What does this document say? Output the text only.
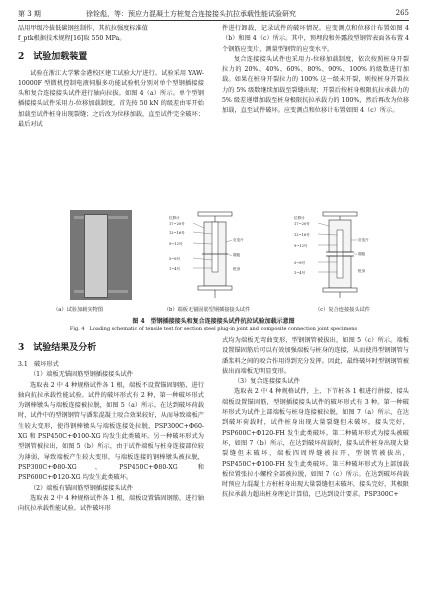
第 3 期	徐铨彪，等：预应力混凝土方桩复合连接接头抗拉承载性能试验研究	265

品用甲级冷拔低碳钢丝制作，其抗拉强度标准值

f_ptk根据技术规程[16]取 550 MPa。

2　试验加载装置

试验在浙江大学紫金港校区建工试验大厅进行。试验采用 YAW-10000F 型微机控制电液伺服多功能试验机分别对单个型钢插接接头和复合连接接头试件进行轴向拉拔。如图 4（a）所示。单个型钢插接接头试件采用力-位移加载制度，首先按 50 kN 的级差由零开始加载至试件桩身出现裂缝；之后改为位移加载，直至试件完全破坏；最后对试

件进行卸载，记录试件的破坏情况。应变测点和位移计布置如图 4（b）和图 4（c）所示。其中，预埋段和外露段型钢管表面各布置 4 个钢筋应变片，测量型钢管的应变水平。

复合连接接头试件也采用力-位移加载制度，依次按照桩身开裂拉力的 20%、40%、60%、80%、90%、100% 的级数进行加载。如果在桩身开裂拉力的 100% 这一级未开裂，则按桩身开裂拉力的 5% 级数继续加载至裂缝出现；开裂后按桩身极限抗拉承载力的 5% 级差递增加载至桩身极限抗拉承载力的 100%，然后再改为位移加载，直至试件破坏。应变测点和位移计布置如图 4（c）所示。

位移计
17~20号
13~16号
9~12号
5~8号
1~4号
应变片
桩身
端板
位移计
17~20号
13~16号
9~12号
5~8号
1~4号
应变片
桩身
端板
（a）试验加载实物图	（b）端板无锚固筋型钢插接接头试件	（c）复合连接接头试件
图 4　型钢插接接头和复合连接接头试件抗拉试验加载示意图
Fig. 4　Loading schematic of tensile test for section steel plug-in joint and composite connection joint specimens
3　试验结果及分析

3.1　破坏形式

（1）端板无锚固筋型钢插接接头试件

选取表 2 中 4 种规格试件各 1 根，端板不设置锚固钢筋，进行轴向抗拉承载性能试验。试件的破坏形式有 2 种，第一种破坏形式为钢棒镦头与端板连接被拉脱，如图 5（a）所示。在达到破坏荷载时，试件中的型钢钢管与潘浆混凝土咬合效果较好，从而导致端板产生较大变形，使得钢棒镦头与端板连接处拉脱，PSP300C+Φ60-XG 和 PSP450C+Φ100-XG 均发生此类破坏。另一种破坏形式为型钢管被拉出，如图 5（b）所示，由于试件端板与桩身连接部位较为薄弱，导致端板产生较大变形，与端板连接的钢棒镦头被拉脱，PSP300C+Φ80-XG、PSP450C+Φ80-XG 和 PSP600C+Φ120-XG 均发生此类破坏。

（2）端板有锚固筋型钢插接接头试件

选取表 2 中 4 种规格试件各 1 根，端板设置锚固钢筋，进行轴向抗拉承载性能试验。试件破坏形

式均为端板无弯曲变形，型钢钢管被拔出，如图 5（c）所示。端板设置锚固筋后可以有效加强端板与桩身的连接，从而使得型钢钢管与潘浆料之间的咬合作用得到充分发挥。因此，最终破坏时型钢钢管被拔出而端板无明显变形。

（3）复合连接接头试件

选取表 2 中 4 种规格试件，上、下节桩各 1 根进行拼接，接头端板设置锚固筋，型钢插接接头试件的破坏形式有 3 种。第一种破坏形式为试件上部端板与桩身连接被拉脱，如图 7（a）所示，在达到破坏荷载时，试件桩身出现大量裂缝但未破坏，接头完好，PSP600C+Φ120-FH 发生此类破坏。第二种破坏形式为接头被破坏，如图 7（b）所示，在达到破坏荷载时，接头试件桩身出现大量裂缝但未破坏，端板四周焊缝被拉开，型钢管被拔出，PSP450C+Φ100-FH 发生此类破坏。第三种破坏形式为上部加载板位置张拉小螺栓全部被拉脱，如图 7（c）所示。在达到破坏荷载时预应力混凝土方桩桩身出现大量裂缝但未破坏，接头完好，其极限抗拉承载力超出桩身理论计算值，已达到设计要求。PSP300C+
